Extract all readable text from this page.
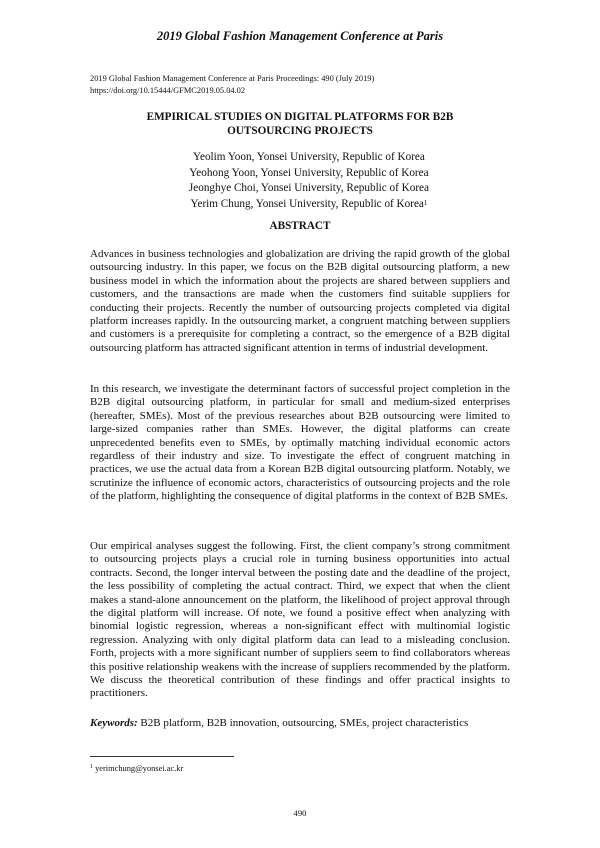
2019 Global Fashion Management Conference at Paris
2019 Global Fashion Management Conference at Paris Proceedings: 490 (July 2019)
https://doi.org/10.15444/GFMC2019.05.04.02
EMPIRICAL STUDIES ON DIGITAL PLATFORMS FOR B2B
OUTSOURCING PROJECTS
Yeolim Yoon, Yonsei University, Republic of Korea
Yeohong Yoon, Yonsei University, Republic of Korea
Jeonghye Choi, Yonsei University, Republic of Korea
Yerim Chung, Yonsei University, Republic of Korea$^1$
ABSTRACT

Advances in business technologies and globalization are driving the rapid growth of the global outsourcing industry. In this paper, we focus on the B2B digital outsourcing platform, a new business model in which the information about the projects are shared between suppliers and customers, and the transactions are made when the customers find suitable suppliers for conducting their projects. Recently the number of outsourcing projects completed via digital platform increases rapidly. In the outsourcing market, a congruent matching between suppliers and customers is a prerequisite for completing a contract, so the emergence of a B2B digital outsourcing platform has attracted significant attention in terms of industrial development.

In this research, we investigate the determinant factors of successful project completion in the B2B digital outsourcing platform, in particular for small and medium-sized enterprises (hereafter, SMEs). Most of the previous researches about B2B outsourcing were limited to large-sized companies rather than SMEs. However, the digital platforms can create unprecedented benefits even to SMEs, by optimally matching individual economic actors regardless of their industry and size. To investigate the effect of congruent matching in practices, we use the actual data from a Korean B2B digital outsourcing platform. Notably, we scrutinize the influence of economic actors, characteristics of outsourcing projects and the role of the platform, highlighting the consequence of digital platforms in the context of B2B SMEs.

Our empirical analyses suggest the following. First, the client company’s strong commitment to outsourcing projects plays a crucial role in turning business opportunities into actual contracts. Second, the longer interval between the posting date and the deadline of the project, the less possibility of completing the actual contract. Third, we expect that when the client makes a stand-alone announcement on the platform, the likelihood of project approval through the digital platform will increase. Of note, we found a positive effect when analyzing with binomial logistic regression, whereas a non-significant effect with multinomial logistic regression. Analyzing with only digital platform data can lead to a misleading conclusion. Forth, projects with a more significant number of suppliers seem to find collaborators whereas this positive relationship weakens with the increase of suppliers recommended by the platform. We discuss the theoretical contribution of these findings and offer practical insights to practitioners.

Keywords: B2B platform, B2B innovation, outsourcing, SMEs, project characteristics
$^1$ yerimchung@yonsei.ac.kr
490
